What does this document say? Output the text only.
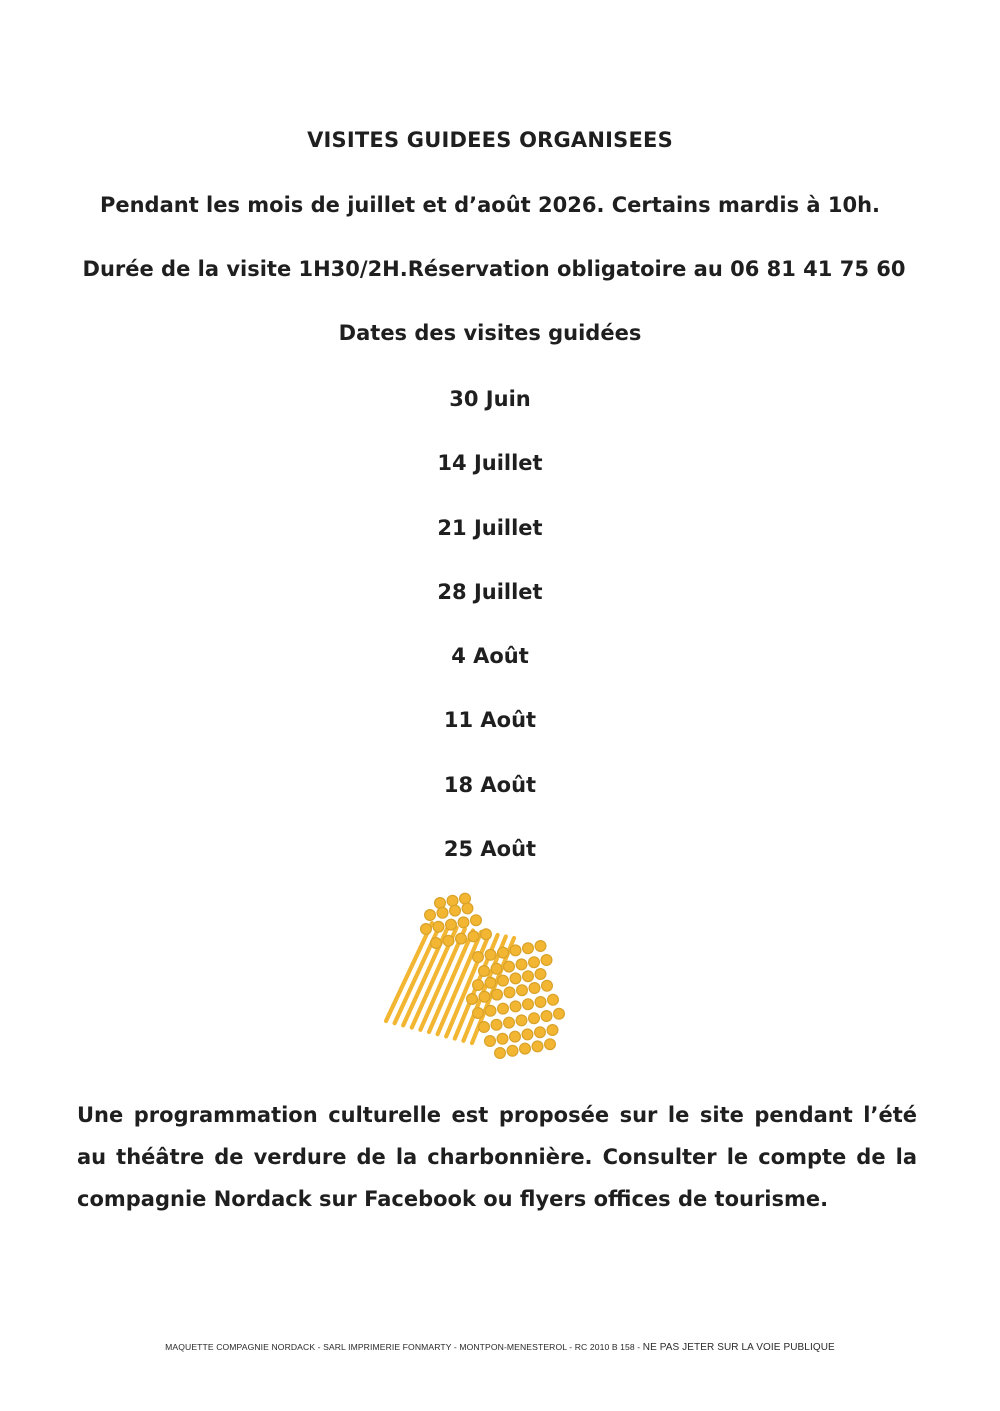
VISITES GUIDEES ORGANISEES
Pendant les mois de juillet et d’août 2026. Certains mardis à 10h.
Durée de la visite 1H30/2H.Réservation obligatoire au 06 81 41 75 60
Dates des visites guidées
30 Juin
14 Juillet
21 Juillet
28 Juillet
4 Août
11 Août
18 Août
25 Août
Une programmation culturelle est proposée sur le site pendant l’été au théâtre de verdure de la charbonnière. Consulter le compte de la compagnie Nordack sur Facebook ou flyers offices de tourisme.
MAQUETTE COMPAGNIE NORDACK - SARL IMPRIMERIE FONMARTY - MONTPON-MENESTEROL - RC 2010 B 158 - NE PAS JETER SUR LA VOIE PUBLIQUE
